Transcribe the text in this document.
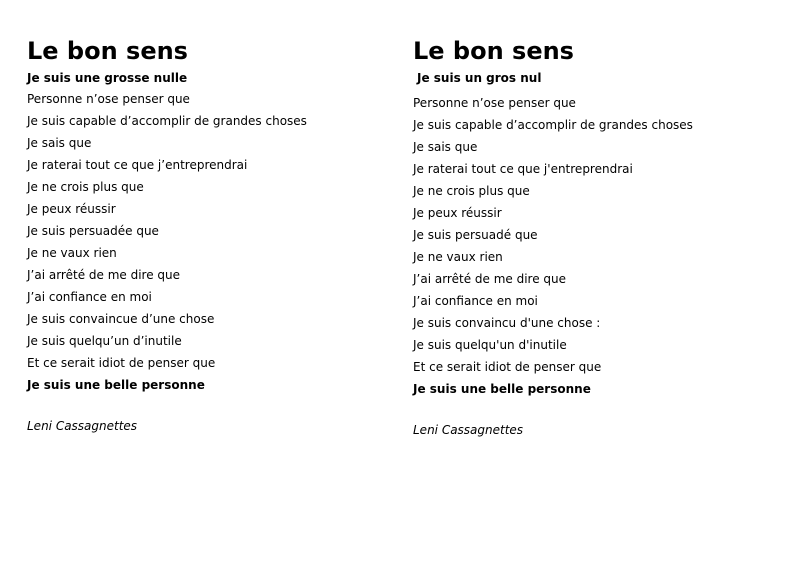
Le bon sens
Je suis une grosse nulle
Personne n’ose penser que
Je suis capable d’accomplir de grandes choses
Je sais que
Je raterai tout ce que j’entreprendrai
Je ne crois plus que
Je peux réussir
Je suis persuadée que
Je ne vaux rien
J’ai arrêté de me dire que
J’ai confiance en moi
Je suis convaincue d’une chose
Je suis quelqu’un d’inutile
Et ce serait idiot de penser que
Je suis une belle personne
Leni Cassagnettes
Le bon sens
Je suis un gros nul
Personne n’ose penser que
Je suis capable d’accomplir de grandes choses
Je sais que
Je raterai tout ce que j'entreprendrai
Je ne crois plus que
Je peux réussir
Je suis persuadé que
Je ne vaux rien
J’ai arrêté de me dire que
J’ai confiance en moi
Je suis convaincu d'une chose :
Je suis quelqu'un d'inutile
Et ce serait idiot de penser que
Je suis une belle personne
Leni Cassagnettes
